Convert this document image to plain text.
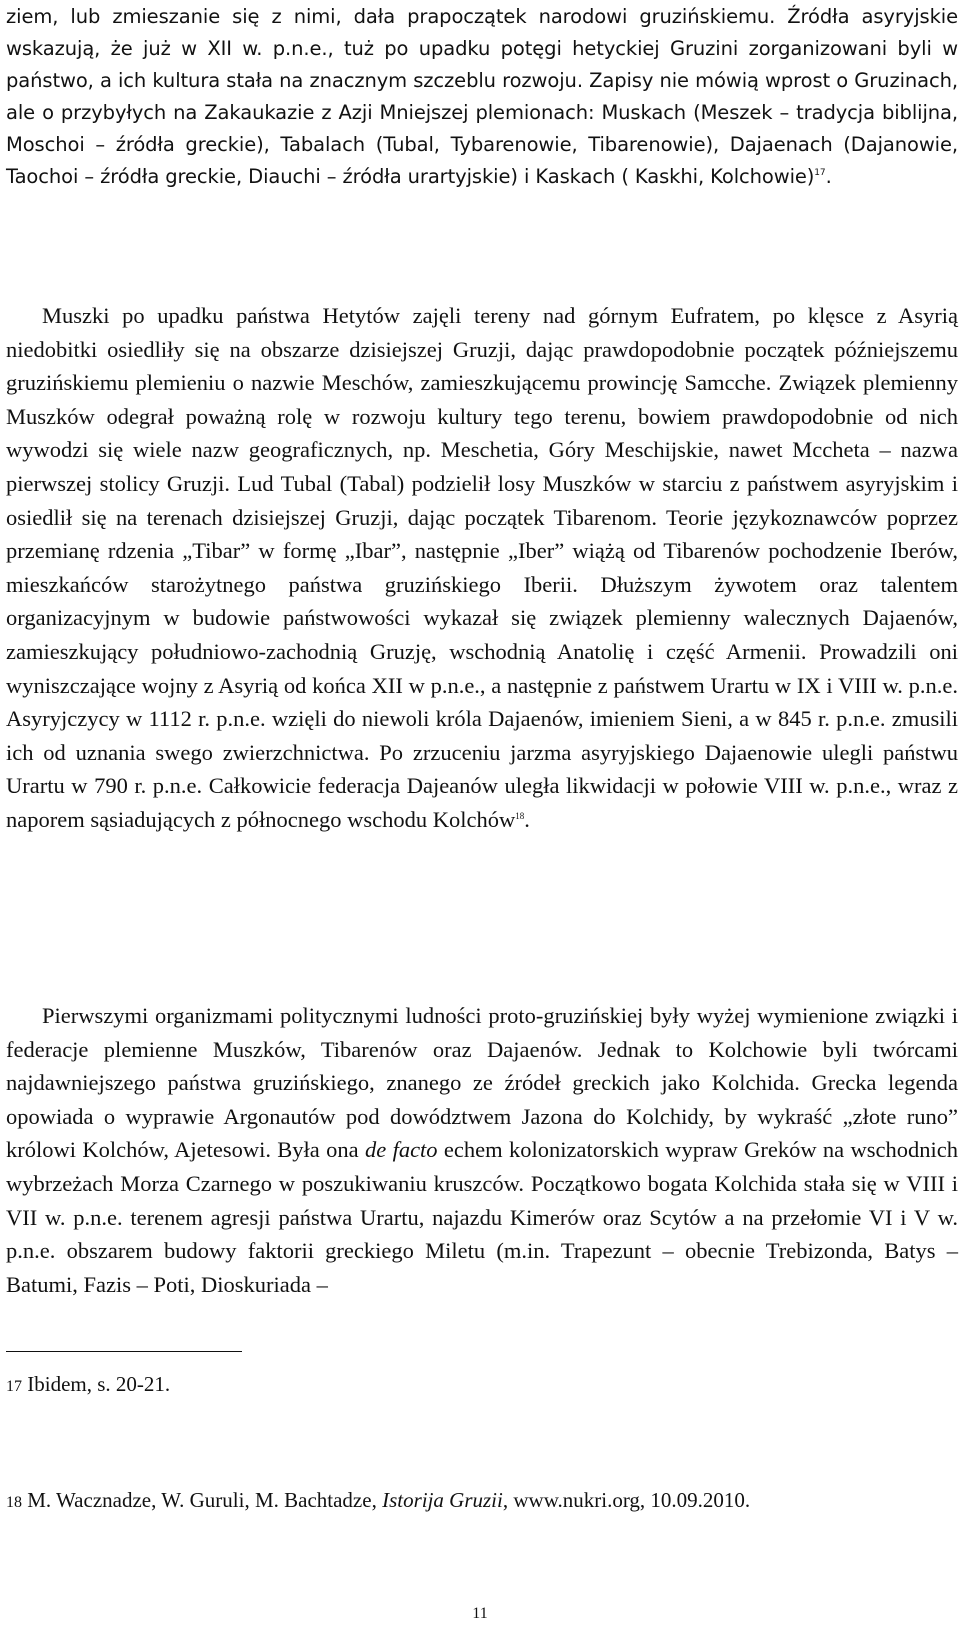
ziem, lub zmieszanie się z nimi, dała prapoczątek narodowi gruzińskiemu. Źródła asyryjskie wskazują, że już w XII w. p.n.e., tuż po upadku potęgi hetyckiej Gruzini zorganizowani byli w państwo, a ich kultura stała na znacznym szczeblu rozwoju. Zapisy nie mówią wprost o Gruzinach, ale o przybyłych na Zakaukazie z Azji Mniejszej plemionach: Muskach (Meszek – tradycja biblijna, Moschoi – źródła greckie), Tabalach (Tubal, Tybarenowie, Tibarenowie), Dajaenach (Dajanowie, Taochoi – źródła greckie, Diauchi – źródła urartyjskie) i Kaskach ( Kaskhi, Kolchowie)$^{17}$.

Muszki po upadku państwa Hetytów zajęli tereny nad górnym Eufratem, po klęsce z Asyrią niedobitki osiedliły się na obszarze dzisiejszej Gruzji, dając prawdopodobnie początek późniejszemu gruzińskiemu plemieniu o nazwie Meschów, zamieszkującemu prowincję Samcche. Związek plemienny Muszków odegrał poważną rolę w rozwoju kultury tego terenu, bowiem prawdopodobnie od nich wywodzi się wiele nazw geograficznych, np. Meschetia, Góry Meschijskie, nawet Mccheta – nazwa pierwszej stolicy Gruzji. Lud Tubal (Tabal) podzielił losy Muszków w starciu z państwem asyryjskim i osiedlił się na terenach dzisiejszej Gruzji, dając początek Tibarenom. Teorie językoznawców poprzez przemianę rdzenia „Tibar” w formę „Ibar”, następnie „Iber” wiążą od Tibarenów pochodzenie Iberów, mieszkańców starożytnego państwa gruzińskiego Iberii. Dłuższym żywotem oraz talentem organizacyjnym w budowie państwowości wykazał się związek plemienny walecznych Dajaenów, zamieszkujący południowo-zachodnią Gruzję, wschodnią Anatolię i część Armenii. Prowadzili oni wyniszczające wojny z Asyrią od końca XII w p.n.e., a następnie z państwem Urartu w IX i VIII w. p.n.e. Asyryjczycy w 1112 r. p.n.e. wzięli do niewoli króla Dajaenów, imieniem Sieni, a w 845 r. p.n.e. zmusili ich od uznania swego zwierzchnictwa. Po zrzuceniu jarzma asyryjskiego Dajaenowie ulegli państwu Urartu w 790 r. p.n.e. Całkowicie federacja Dajeanów uległa likwidacji w połowie VIII w. p.n.e., wraz z naporem sąsiadujących z północnego wschodu Kolchów$^{18}$.

Pierwszymi organizmami politycznymi ludności proto-gruzińskiej były wyżej wymienione związki i federacje plemienne Muszków, Tibarenów oraz Dajaenów. Jednak to Kolchowie byli twórcami najdawniejszego państwa gruzińskiego, znanego ze źródeł greckich jako Kolchida. Grecka legenda opowiada o wyprawie Argonautów pod dowództwem Jazona do Kolchidy, by wykraść „złote runo” królowi Kolchów, Ajetesowi. Była ona de facto echem kolonizatorskich wypraw Greków na wschodnich wybrzeżach Morza Czarnego w poszukiwaniu kruszców. Początkowo bogata Kolchida stała się w VIII i VII w. p.n.e. terenem agresji państwa Urartu, najazdu Kimerów oraz Scytów a na przełomie VI i V w. p.n.e. obszarem budowy faktorii greckiego Miletu (m.in. Trapezunt – obecnie Trebizonda, Batys – Batumi, Fazis – Poti, Dioskuriada –

17 Ibidem, s. 20-21.
18 M. Wacznadze, W. Guruli, M. Bachtadze, Istorija Gruzii, www.nukri.org, 10.09.2010.
11
